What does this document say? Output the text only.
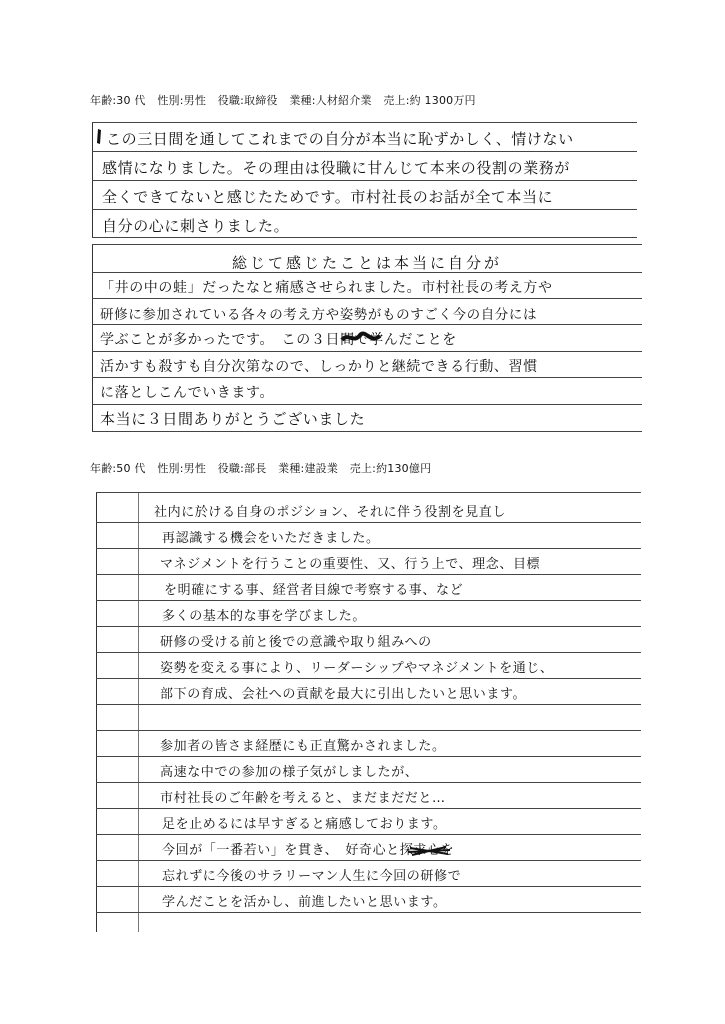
年齢:30 代 性別:男性 役職:取締役 業種:人材紹介業 売上:約 1300万円
この三日間を通してこれまでの自分が本当に恥ずかしく、情けない
感情になりました。その理由は役職に甘んじて本来の役割の業務が
全くできてないと感じたためです。市村社長のお話が全て本当に
自分の心に刺さりました。
総じて感じたことは本当に自分が
「井の中の蛙」だったなと痛感させられました。市村社長の考え方や
研修に参加されている各々の考え方や姿勢がものすごく今の自分には
学ぶことが多かったです。　この３日間で学んだことを
活かすも殺すも自分次第なので、しっかりと継続できる行動、習慣
に落としこんでいきます。
本当に３日間ありがとうございました
年齢:50 代 性別:男性 役職:部長 業種:建設業 売上:約130億円
社内に於ける自身のポジション、それに伴う役割を見直し
再認識する機会をいただきました。
マネジメントを行うことの重要性、又、行う上で、理念、目標
を明確にする事、経営者目線で考察する事、など
多くの基本的な事を学びました。
研修の受ける前と後での意識や取り組みへの
姿勢を変える事により、リーダーシップやマネジメントを通じ、
部下の育成、会社への貢献を最大に引出したいと思います。
参加者の皆さま経歴にも正直驚かされました。
高速な中での参加の様子気がしましたが、
市村社長のご年齢を考えると、まだまだだと…
足を止めるには早すぎると痛感しております。
今回が「一番若い」を貫き、　好奇心と探求心を
忘れずに今後のサラリーマン人生に今回の研修で
学んだことを活かし、前進したいと思います。
